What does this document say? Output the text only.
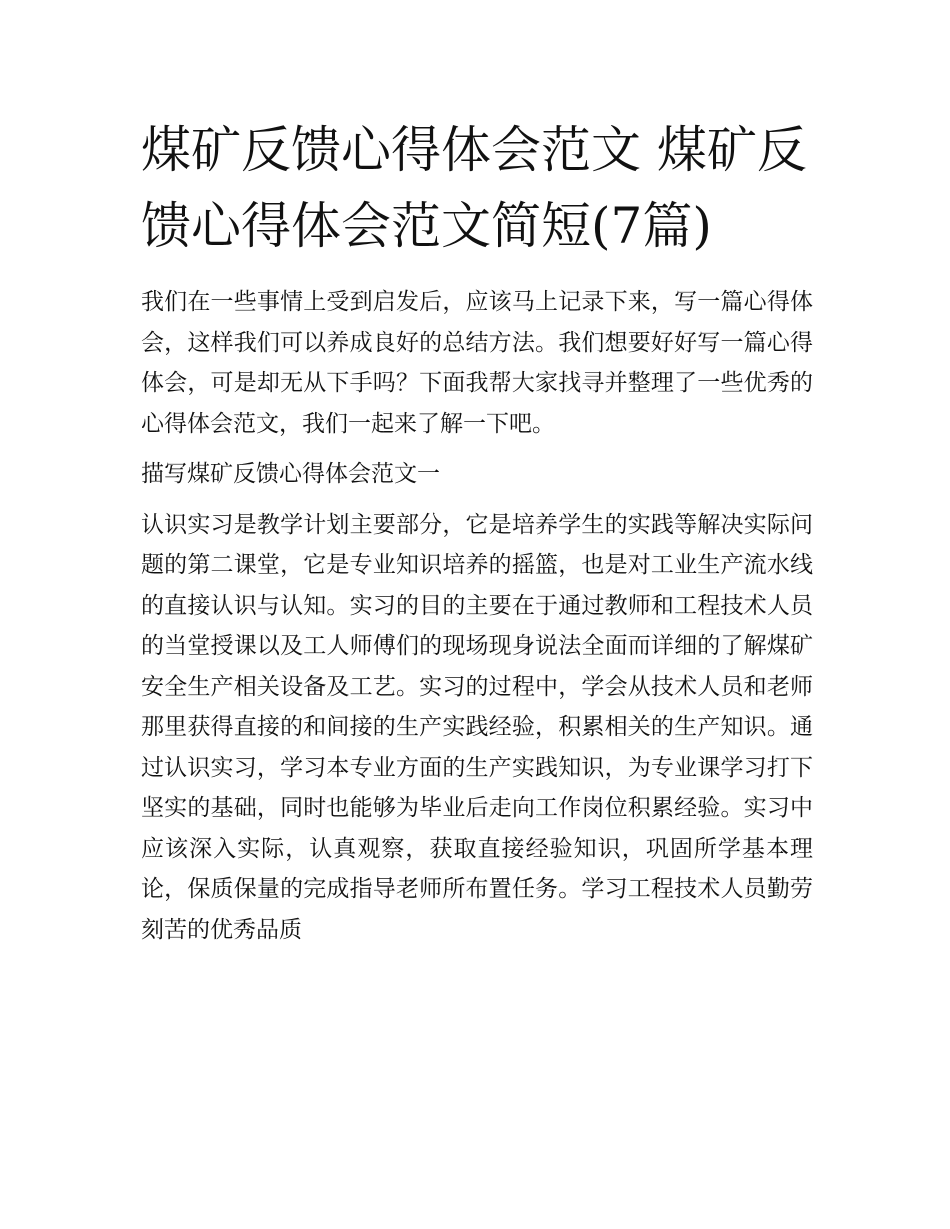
煤矿反馈心得体会范文 煤矿反馈心得体会范文简短(7篇)

我们在一些事情上受到启发后，应该马上记录下来，写一篇心得体会，这样我们可以养成良好的总结方法。我们想要好好写一篇心得体会，可是却无从下手吗？下面我帮大家找寻并整理了一些优秀的心得体会范文，我们一起来了解一下吧。

描写煤矿反馈心得体会范文一

认识实习是教学计划主要部分，它是培养学生的实践等解决实际问题的第二课堂，它是专业知识培养的摇篮，也是对工业生产流水线的直接认识与认知。实习的目的主要在于通过教师和工程技术人员的当堂授课以及工人师傅们的现场现身说法全面而详细的了解煤矿安全生产相关设备及工艺。实习的过程中，学会从技术人员和老师那里获得直接的和间接的生产实践经验，积累相关的生产知识。通过认识实习，学习本专业方面的生产实践知识，为专业课学习打下坚实的基础，同时也能够为毕业后走向工作岗位积累经验。实习中应该深入实际，认真观察，获取直接经验知识，巩固所学基本理论，保质保量的完成指导老师所布置任务。学习工程技术人员勤劳刻苦的优秀品质
